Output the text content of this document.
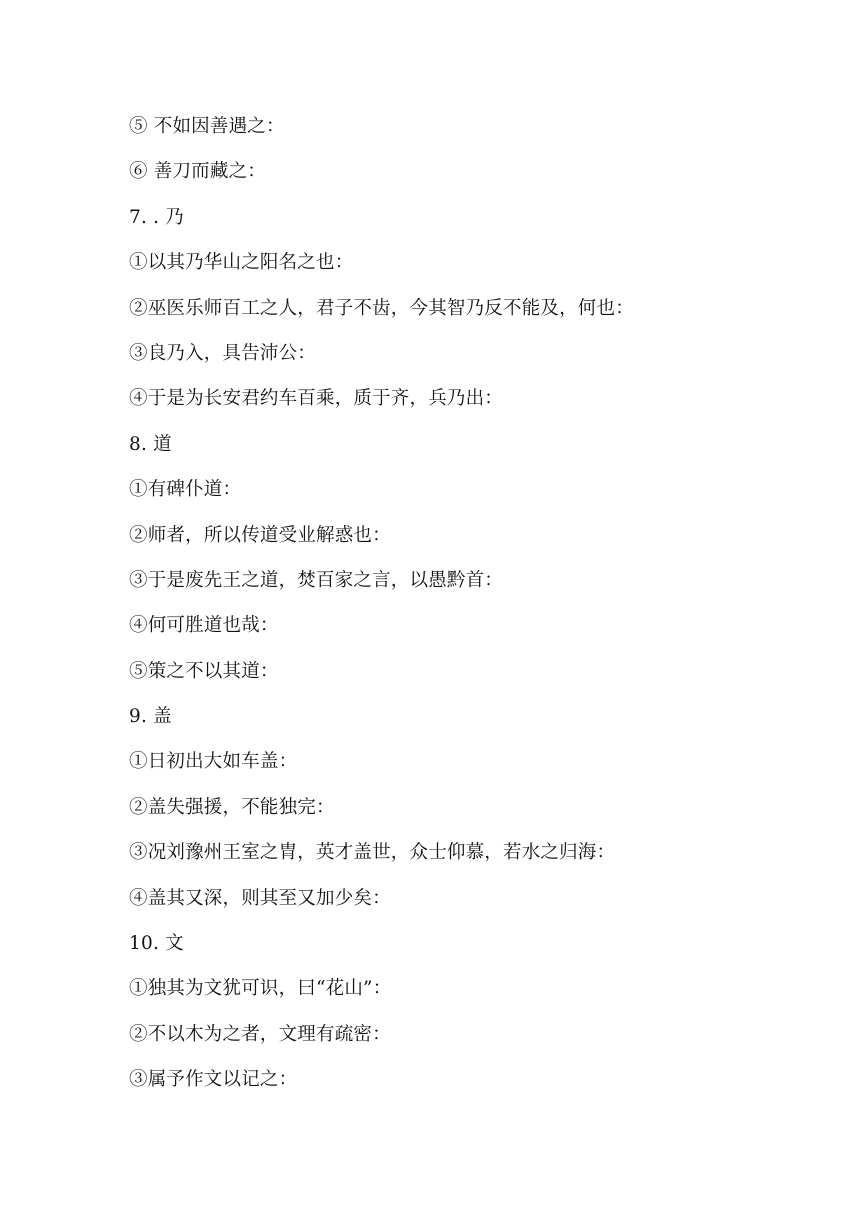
⑤ 不如因善遇之：
⑥ 善刀而藏之：
7. . 乃
①以其乃华山之阳名之也：
②巫医乐师百工之人，君子不齿，今其智乃反不能及，何也：
③良乃入，具告沛公：
④于是为长安君约车百乘，质于齐，兵乃出：
8. 道
①有碑仆道：
②师者，所以传道受业解惑也：
③于是废先王之道，焚百家之言，以愚黔首：
④何可胜道也哉：
⑤策之不以其道：
9. 盖
①日初出大如车盖：
②盖失强援，不能独完：
③况刘豫州王室之胄，英才盖世，众士仰慕，若水之归海：
④盖其又深，则其至又加少矣：
10. 文
①独其为文犹可识，曰“花山”：
②不以木为之者，文理有疏密：
③属予作文以记之：
